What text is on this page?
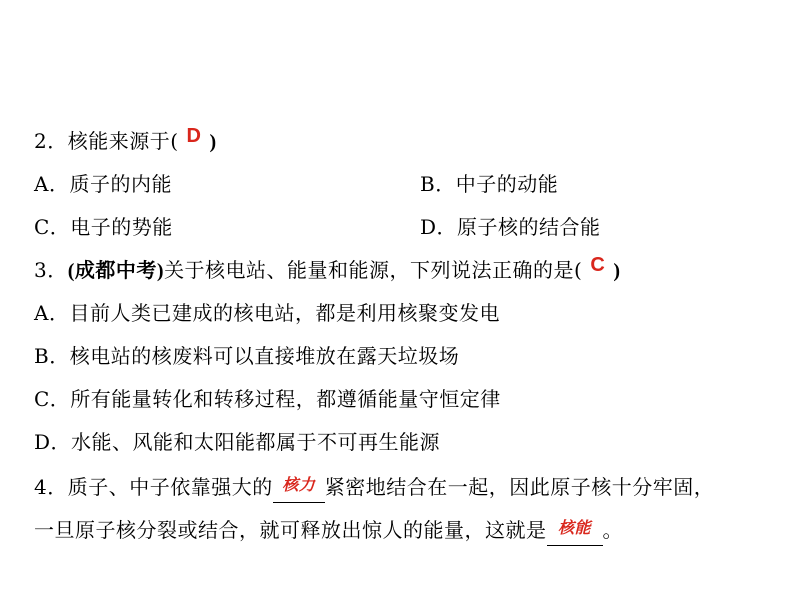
2．核能来源于( D )
A．质子的内能	B．中子的动能
C．电子的势能	D．原子核的结合能
3．(成都中考)关于核电站、能量和能源，下列说法正确的是( C )
A．目前人类已建成的核电站，都是利用核聚变发电
B．核电站的核废料可以直接堆放在露天垃圾场
C．所有能量转化和转移过程，都遵循能量守恒定律
D．水能、风能和太阳能都属于不可再生能源
4．质子、中子依靠强大的 $^{核力}$ 紧密地结合在一起，因此原子核十分牢固，
一旦原子核分裂或结合，就可释放出惊人的能量，这就是 $^{核能}$ 。
